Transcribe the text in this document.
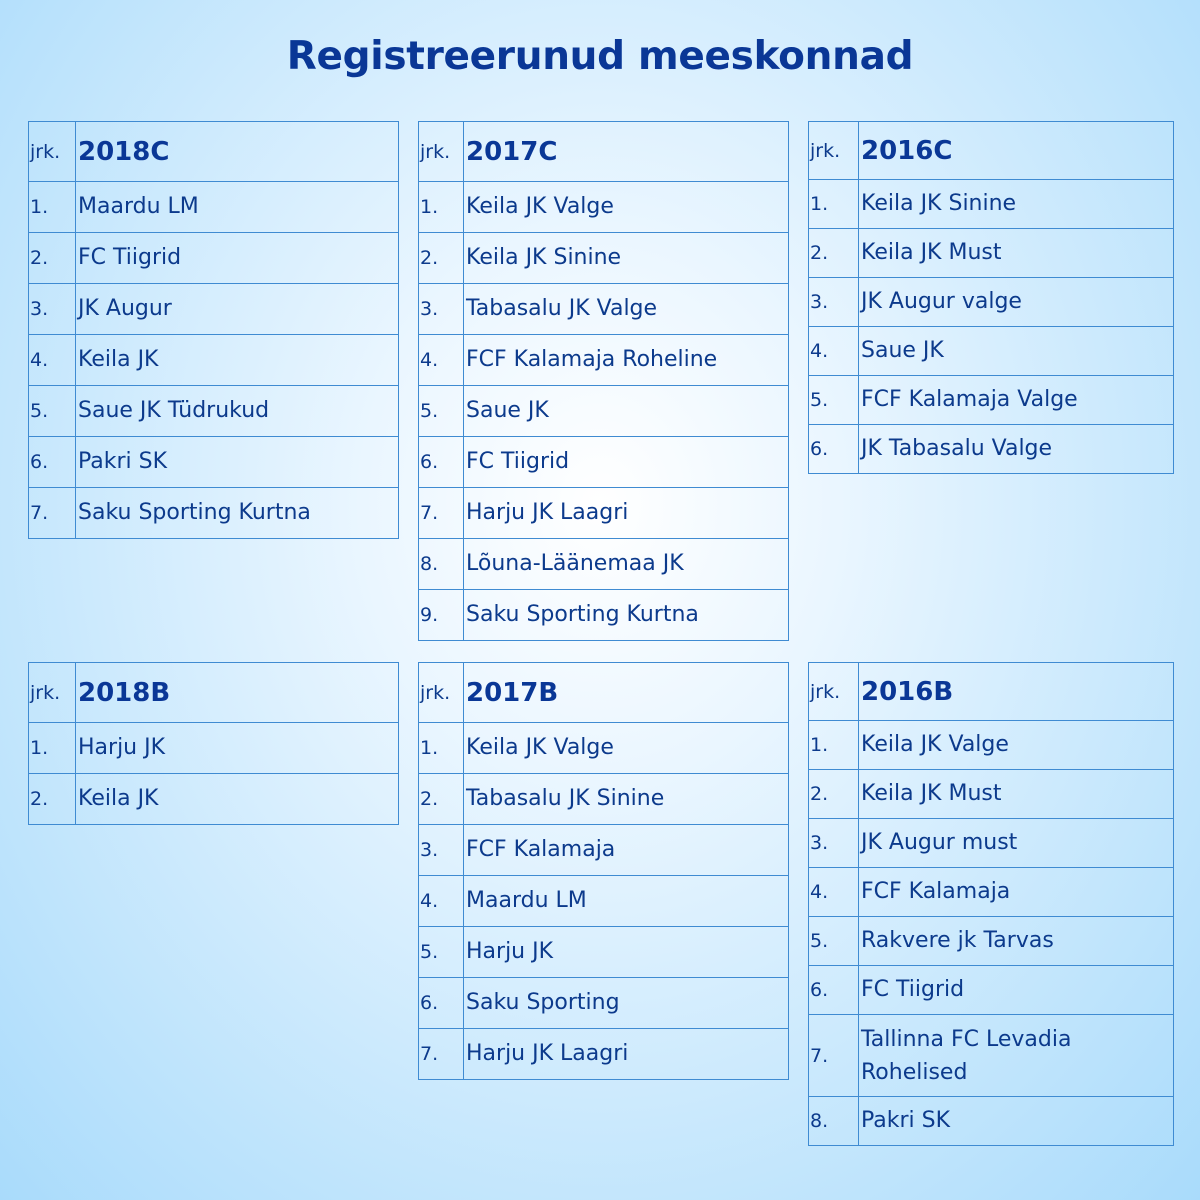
Registreerunud meeskonnad
jrk.	2018C
1.	Maardu LM
2.	FC Tiigrid
3.	JK Augur
4.	Keila JK
5.	Saue JK Tüdrukud
6.	Pakri SK
7.	Saku Sporting Kurtna
jrk.	2017C
1.	Keila JK Valge
2.	Keila JK Sinine
3.	Tabasalu JK Valge
4.	FCF Kalamaja Roheline
5.	Saue JK
6.	FC Tiigrid
7.	Harju JK Laagri
8.	Lõuna-Läänemaa JK
9.	Saku Sporting Kurtna
jrk.	2016C
1.	Keila JK Sinine
2.	Keila JK Must
3.	JK Augur valge
4.	Saue JK
5.	FCF Kalamaja Valge
6.	JK Tabasalu Valge
jrk.	2018B
1.	Harju JK
2.	Keila JK
jrk.	2017B
1.	Keila JK Valge
2.	Tabasalu JK Sinine
3.	FCF Kalamaja
4.	Maardu LM
5.	Harju JK
6.	Saku Sporting
7.	Harju JK Laagri
jrk.	2016B
1.	Keila JK Valge
2.	Keila JK Must
3.	JK Augur must
4.	FCF Kalamaja
5.	Rakvere jk Tarvas
6.	FC Tiigrid
7.	Tallinna FC Levadia Rohelised
8.	Pakri SK
